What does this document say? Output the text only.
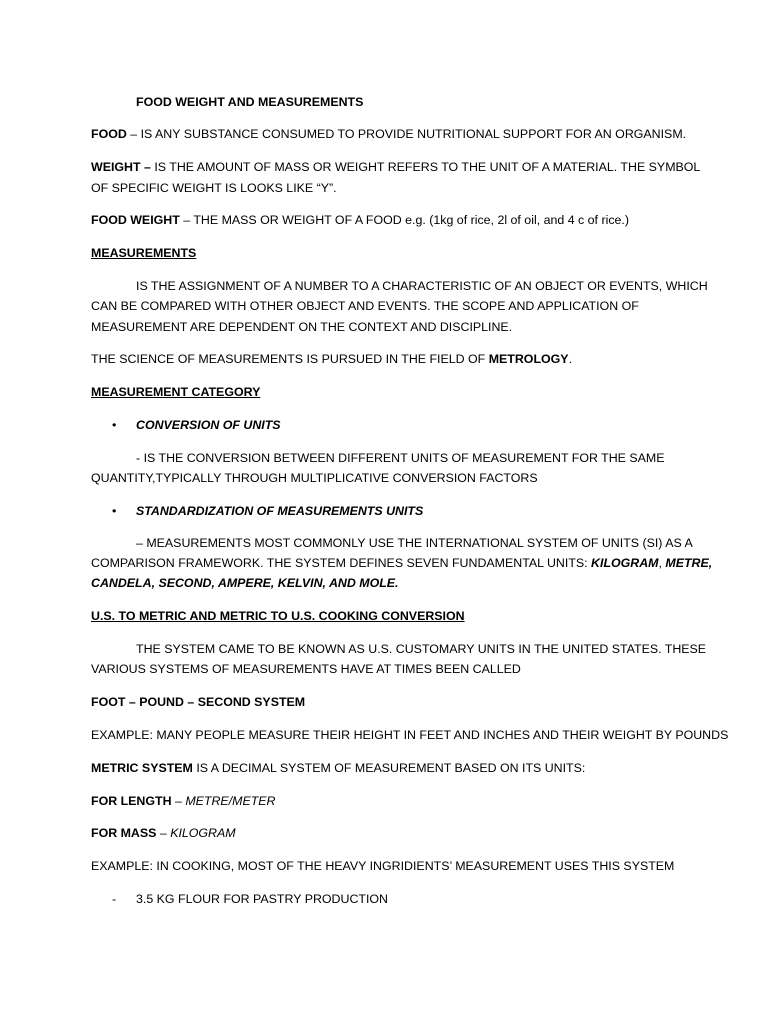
FOOD WEIGHT AND MEASUREMENTS
FOOD – IS ANY SUBSTANCE CONSUMED TO PROVIDE NUTRITIONAL SUPPORT FOR AN ORGANISM.
WEIGHT – IS THE AMOUNT OF MASS OR WEIGHT REFERS TO THE UNIT OF A MATERIAL. THE SYMBOL
OF SPECIFIC WEIGHT IS LOOKS LIKE “Y”.
FOOD WEIGHT – THE MASS OR WEIGHT OF A FOOD e.g. (1kg of rice, 2l of oil, and 4 c of rice.)
MEASUREMENTS
IS THE ASSIGNMENT OF A NUMBER TO A CHARACTERISTIC OF AN OBJECT OR EVENTS, WHICH
CAN BE COMPARED WITH OTHER OBJECT AND EVENTS. THE SCOPE AND APPLICATION OF
MEASUREMENT ARE DEPENDENT ON THE CONTEXT AND DISCIPLINE.
THE SCIENCE OF MEASUREMENTS IS PURSUED IN THE FIELD OF METROLOGY.
MEASUREMENT CATEGORY
• CONVERSION OF UNITS
- IS THE CONVERSION BETWEEN DIFFERENT UNITS OF MEASUREMENT FOR THE SAME
QUANTITY,TYPICALLY THROUGH MULTIPLICATIVE CONVERSION FACTORS
• STANDARDIZATION OF MEASUREMENTS UNITS
– MEASUREMENTS MOST COMMONLY USE THE INTERNATIONAL SYSTEM OF UNITS (SI) AS A
COMPARISON FRAMEWORK. THE SYSTEM DEFINES SEVEN FUNDAMENTAL UNITS: KILOGRAM, METRE,
CANDELA, SECOND, AMPERE, KELVIN, AND MOLE.
U.S. TO METRIC AND METRIC TO U.S. COOKING CONVERSION
THE SYSTEM CAME TO BE KNOWN AS U.S. CUSTOMARY UNITS IN THE UNITED STATES. THESE
VARIOUS SYSTEMS OF MEASUREMENTS HAVE AT TIMES BEEN CALLED
FOOT – POUND – SECOND SYSTEM
EXAMPLE: MANY PEOPLE MEASURE THEIR HEIGHT IN FEET AND INCHES AND THEIR WEIGHT BY POUNDS
METRIC SYSTEM IS A DECIMAL SYSTEM OF MEASUREMENT BASED ON ITS UNITS:
FOR LENGTH – METRE/METER
FOR MASS – KILOGRAM
EXAMPLE: IN COOKING, MOST OF THE HEAVY INGRIDIENTS’ MEASUREMENT USES THIS SYSTEM
- 3.5 KG FLOUR FOR PASTRY PRODUCTION
